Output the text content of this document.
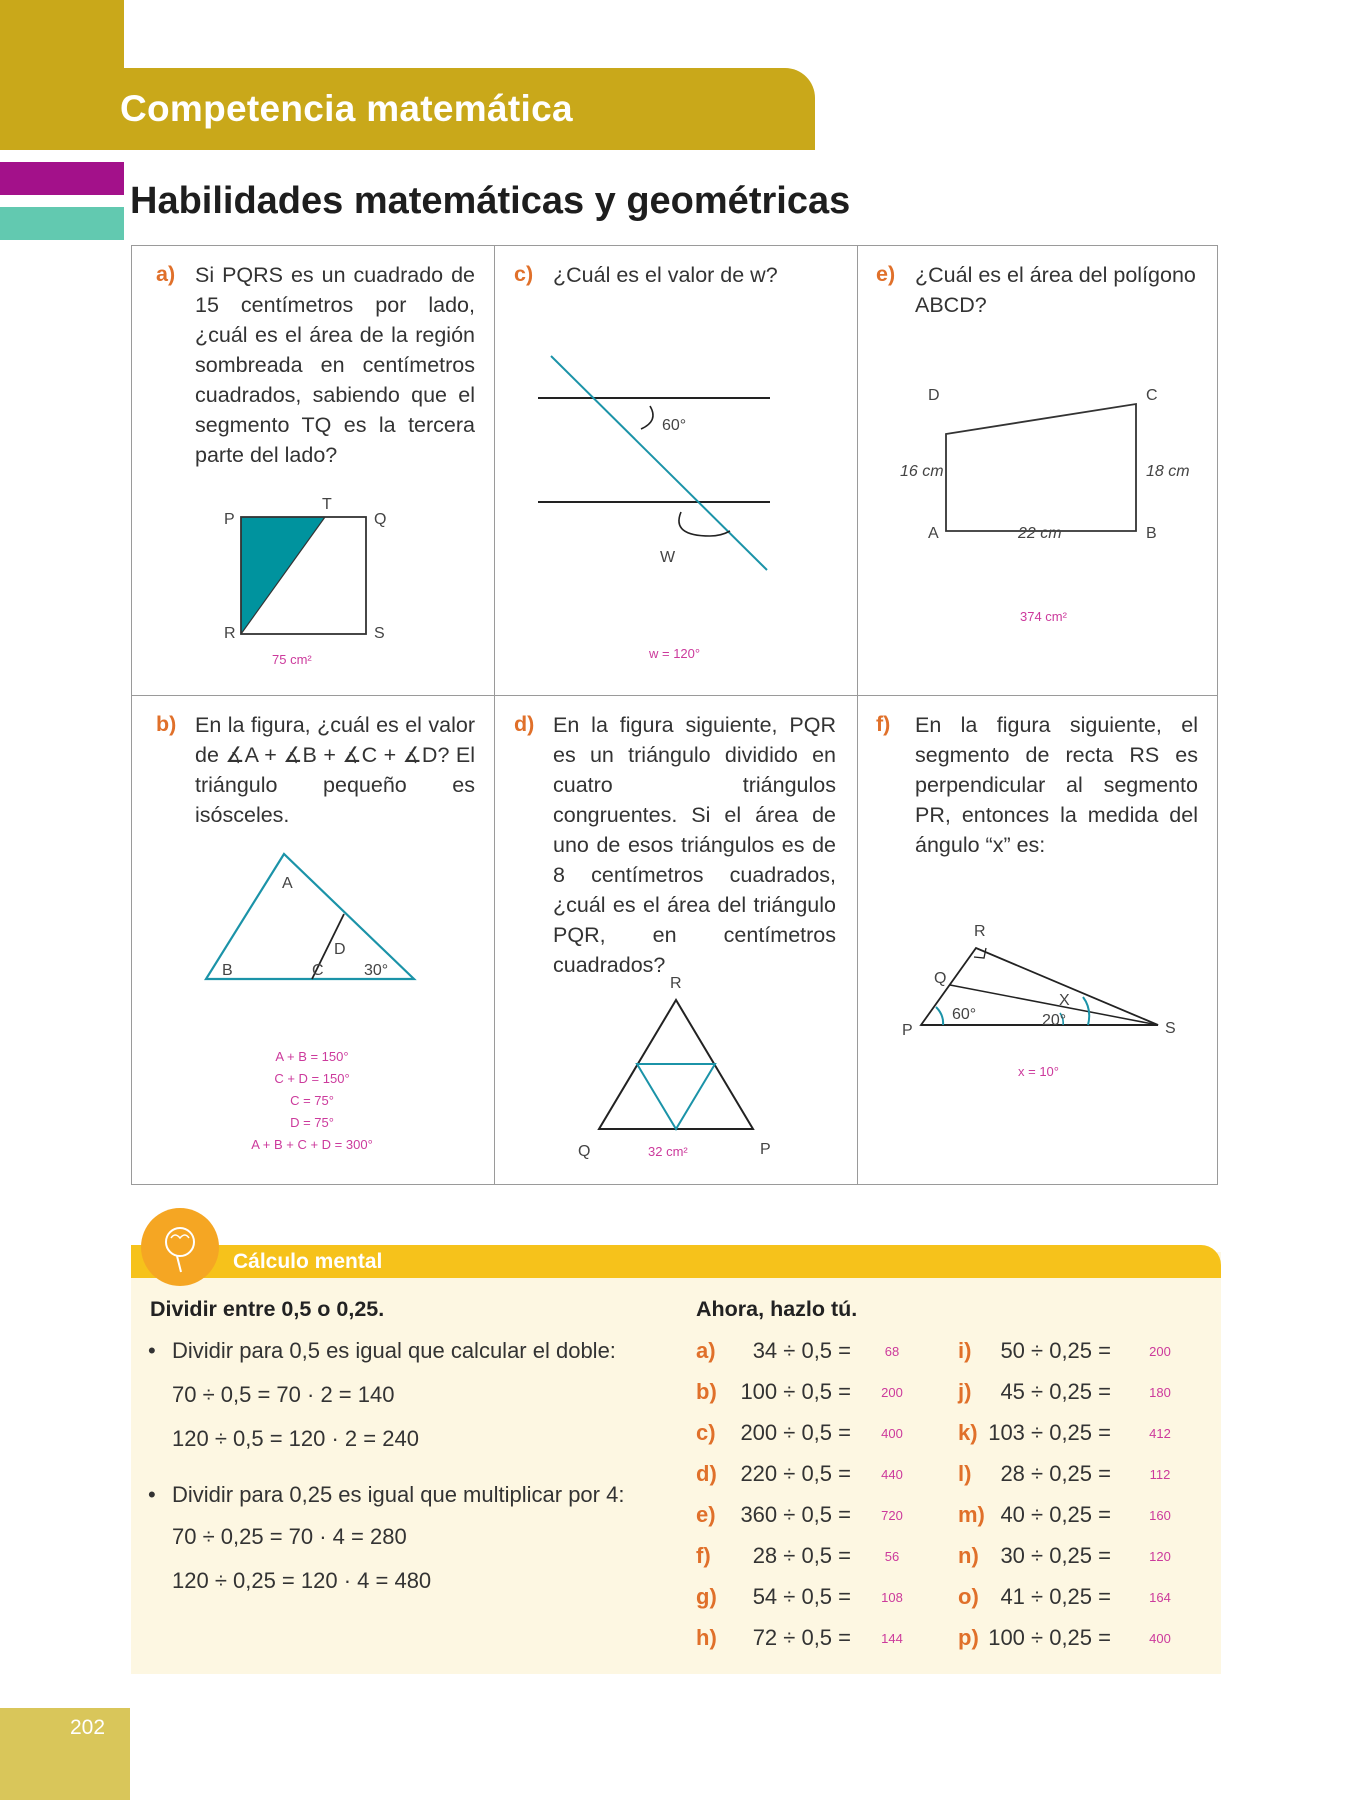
Competencia matemática
Habilidades matemáticas y geométricas
a) Si PQRS es un cuadrado de 15 centímetros por lado, ¿cuál es el área de la región sombreada en centímetros cuadrados, sabiendo que el segmento TQ es la tercera parte del lado?
P
T
Q
R	S
75 cm²
c) ¿Cuál es el valor de w?
60°
W
w = 120°
e) ¿Cuál es el área del polígono ABCD?
D	C
A	B
16 cm	18 cm
22 cm
374 cm²
b) En la figura, ¿cuál es el valor de ∡A + ∡B + ∡C + ∡D? El triángulo pequeño es isósceles.
A
D
B	C	30°
A + B = 150°
C + D = 150°
C = 75°
D = 75°
A + B + C + D = 300°
d) En la figura siguiente, PQR es un triángulo dividido en cuatro triángulos congruentes. Si el área de uno de esos triángulos es de 8 centímetros cuadrados, ¿cuál es el área del triángulo PQR, en centímetros cuadrados?
R
Q	P
32 cm²
f) En la figura siguiente, el segmento de recta RS es perpendicular al segmento PR, entonces la medida del ángulo “x” es:
R
Q
P	S
X
60°	20°
x = 10°
Cálculo mental
Dividir entre 0,5 o 0,25.
• Dividir para 0,5 es igual que calcular el doble:
70 ÷ 0,5 = 70 · 2 = 140
120 ÷ 0,5 = 120 · 2 = 240
• Dividir para 0,25 es igual que multiplicar por 4:
70 ÷ 0,25 = 70 · 4 = 280
120 ÷ 0,25 = 120 · 4 = 480
Ahora, hazlo tú.
a)	34 ÷ 0,5 =	68
b)	100 ÷ 0,5 =	200
c)	200 ÷ 0,5 =	400
d)	220 ÷ 0,5 =	440
e)	360 ÷ 0,5 =	720
f)	28 ÷ 0,5 =	56
g)	54 ÷ 0,5 =	108
h)	72 ÷ 0,5 =	144
i)	50 ÷ 0,25 =	200
j)	45 ÷ 0,25 =	180
k) 103 ÷ 0,25 =	412
l)	28 ÷ 0,25 =	112
m) 40 ÷ 0,25 =	160
n) 30 ÷ 0,25 =	120
o) 41 ÷ 0,25 =	164
p) 100 ÷ 0,25 =	400
202
